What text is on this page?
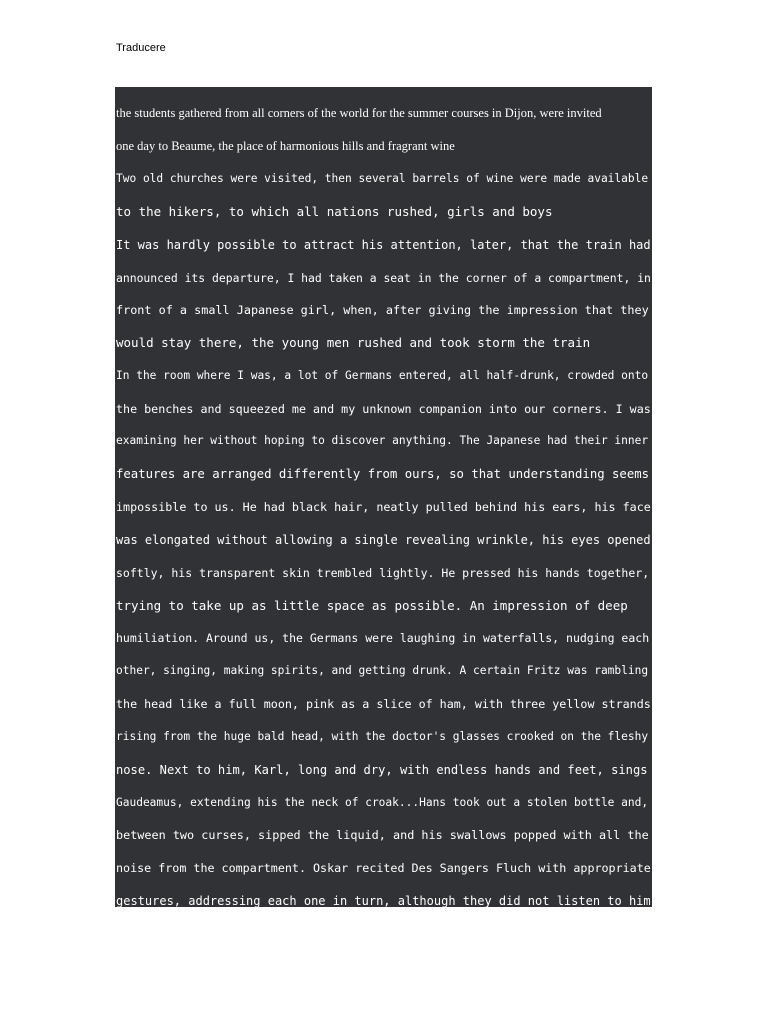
Traducere
the students gathered from all corners of the world for the summer courses in Dijon, were invited
one day to Beaume, the place of harmonious hills and fragrant wine
Two old churches were visited, then several barrels of wine were made available
to the hikers, to which all nations rushed, girls and boys
It was hardly possible to attract his attention, later, that the train had
announced its departure, I had taken a seat in the corner of a compartment, in
front of a small Japanese girl, when, after giving the impression that they
would stay there, the young men rushed and took storm the train
In the room where I was, a lot of Germans entered, all half-drunk, crowded onto
the benches and squeezed me and my unknown companion into our corners. I was
examining her without hoping to discover anything. The Japanese had their inner
features are arranged differently from ours, so that understanding seems
impossible to us. He had black hair, neatly pulled behind his ears, his face
was elongated without allowing a single revealing wrinkle, his eyes opened
softly, his transparent skin trembled lightly. He pressed his hands together,
trying to take up as little space as possible. An impression of deep
humiliation. Around us, the Germans were laughing in waterfalls, nudging each
other, singing, making spirits, and getting drunk. A certain Fritz was rambling
the head like a full moon, pink as a slice of ham, with three yellow strands
rising from the huge bald head, with the doctor's glasses crooked on the fleshy
nose. Next to him, Karl, long and dry, with endless hands and feet, sings
Gaudeamus, extending his the neck of croak...Hans took out a stolen bottle and,
between two curses, sipped the liquid, and his swallows popped with all the
noise from the compartment. Oskar recited Des Sangers Fluch with appropriate
gestures, addressing each one in turn, although they did not listen to him
